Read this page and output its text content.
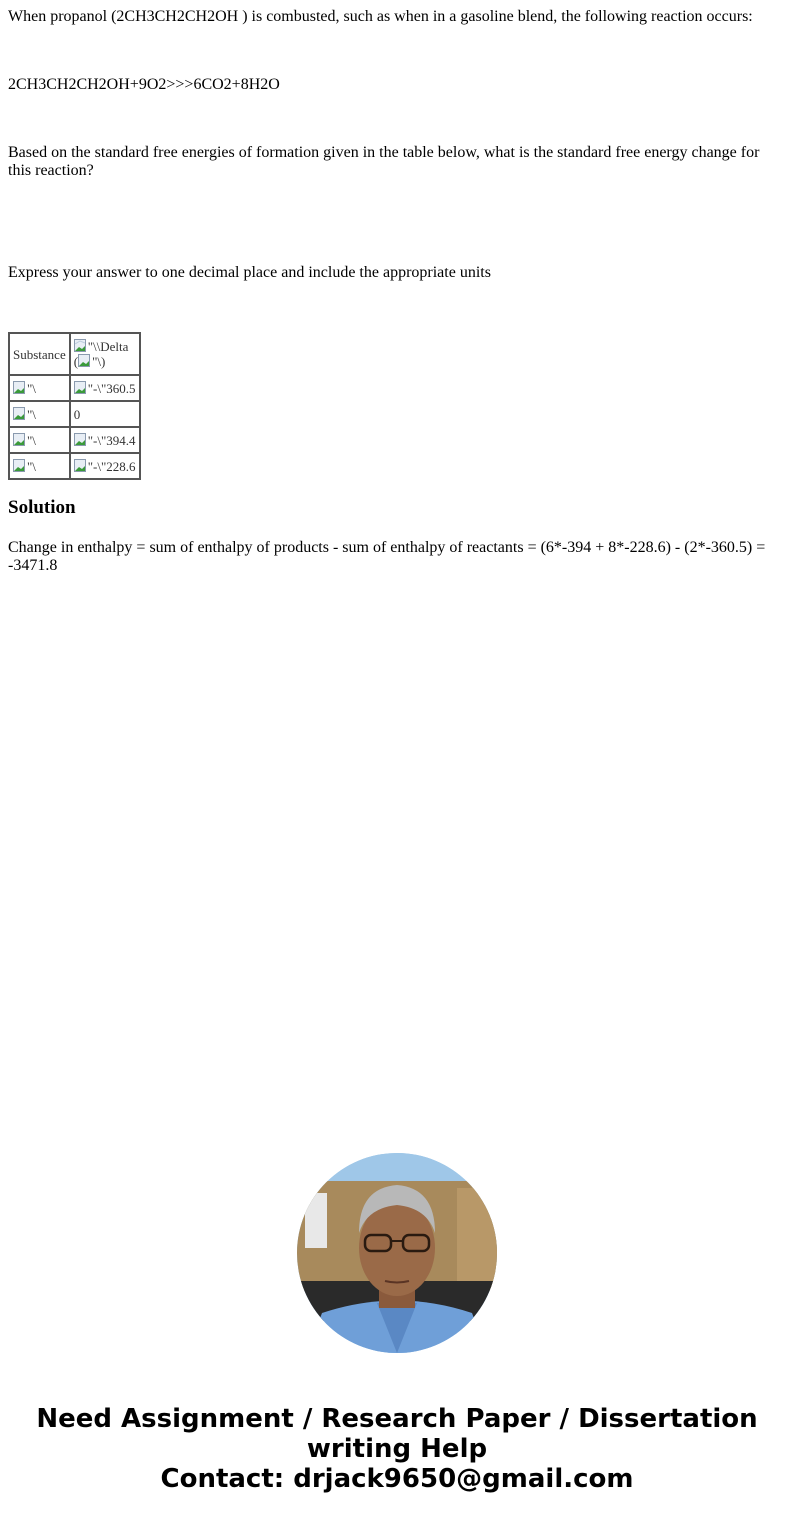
When propanol (2CH3CH2CH2OH ) is combusted, such as when in a gasoline blend, the following reaction occurs:

2CH3CH2CH2OH+9O2>>>6CO2+8H2O

Based on the standard free energies of formation given in the table below, what is the standard free energy change for this reaction?

Express your answer to one decimal place and include the appropriate units

Substance	"\\Delta
( "\)

"\	"-\"360.5

"\	0

"\	"-\"394.4

"\	"-\"228.6
Solution

Change in enthalpy = sum of enthalpy of products - sum of enthalpy of reactants = (6*-394 + 8*-228.6) - (2*-360.5) = -3471.8

Need Assignment / Research Paper / Dissertation
writing Help
Contact: drjack9650@gmail.com
